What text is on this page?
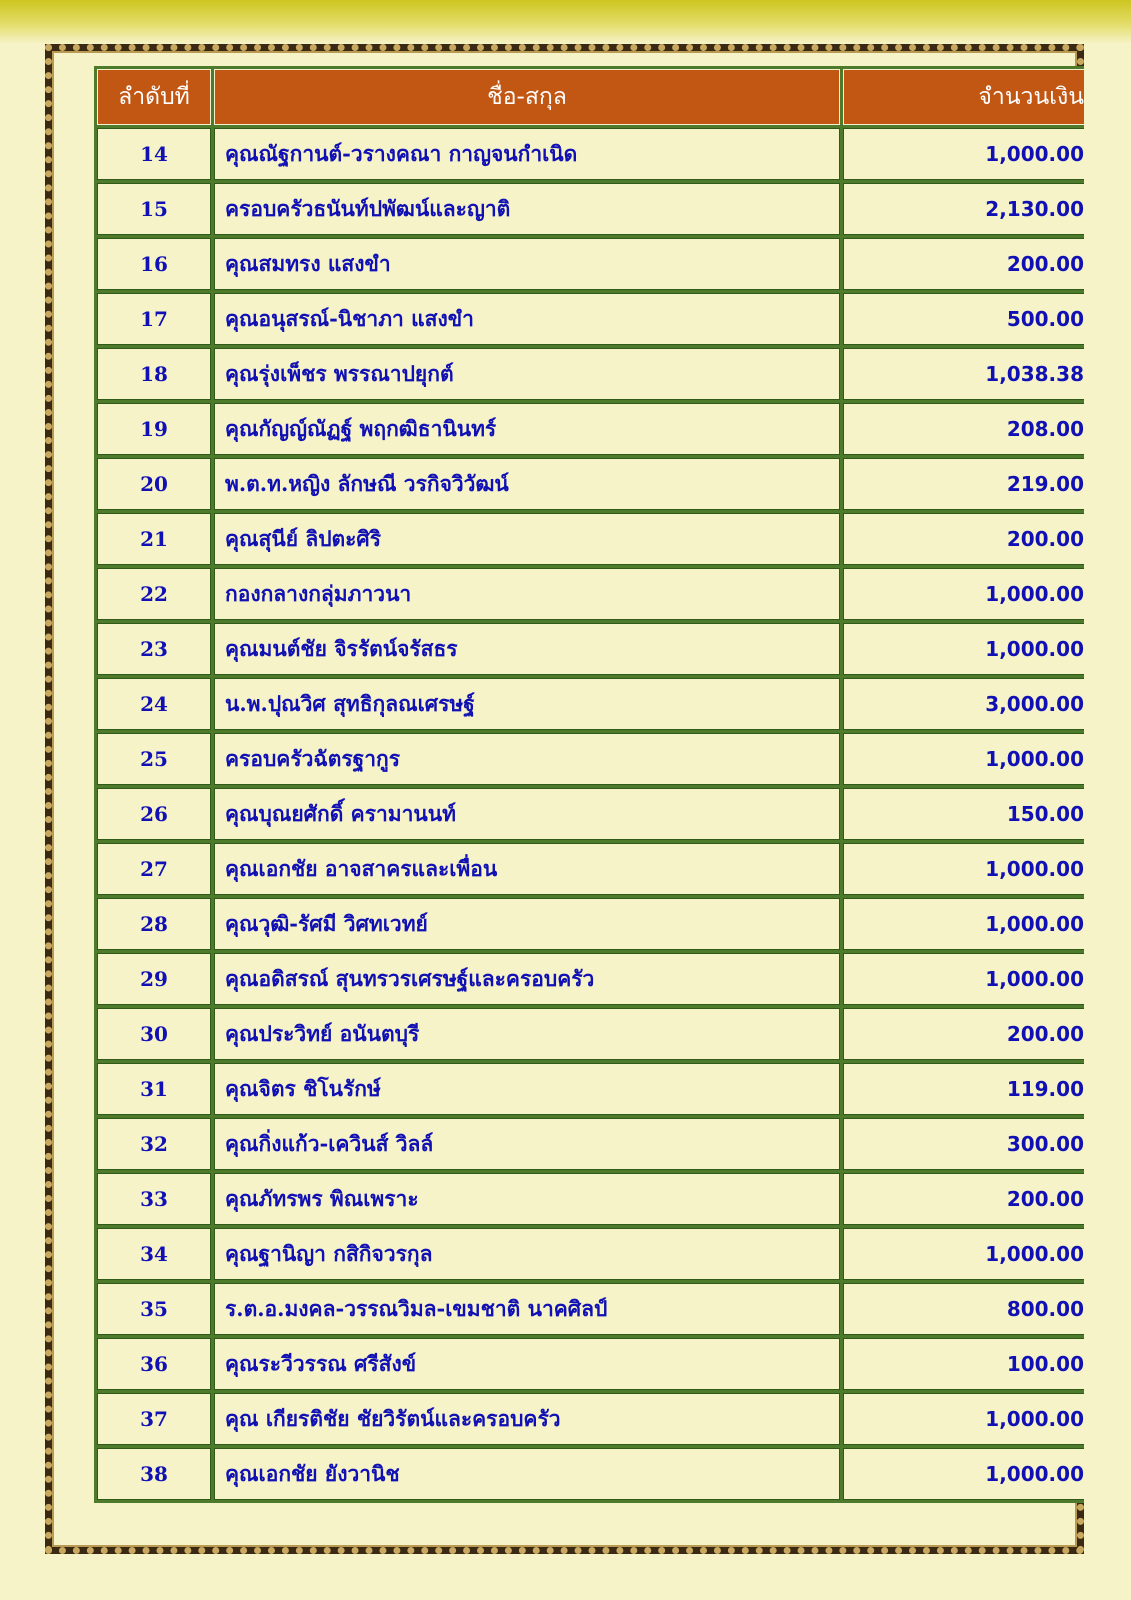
ลำดับที่	ชื่อ-สกุล	จำนวนเงิน
14	คุณณัฐกานต์-วรางคณา กาญจนกำเนิด	1,000.00
15	ครอบครัวธนันท์ปพัฒน์และญาติ	2,130.00
16	คุณสมทรง แสงขำ	200.00
17	คุณอนุสรณ์-นิชาภา แสงขำ	500.00
18	คุณรุ่งเพ็ชร พรรณาปยุกต์	1,038.38
19	คุณกัญญ์ณัฏฐ์ พฤกฒิธานินทร์	208.00
20	พ.ต.ท.หญิง ลักษณี วรกิจวิวัฒน์	219.00
21	คุณสุนีย์ ลิปตะศิริ	200.00
22	กองกลางกลุ่มภาวนา	1,000.00
23	คุณมนต์ชัย จิรรัตน์จรัสธร	1,000.00
24	น.พ.ปุณวิศ สุทธิกุลณเศรษฐ์	3,000.00
25	ครอบครัวฉัตรฐากูร	1,000.00
26	คุณบุณยศักดิ์ ครามานนท์	150.00
27	คุณเอกชัย อาจสาครและเพื่อน	1,000.00
28	คุณวุฒิ-รัศมี วิศทเวทย์	1,000.00
29	คุณอดิสรณ์ สุนทรวรเศรษฐ์และครอบครัว	1,000.00
30	คุณประวิทย์ อนันตบุรี	200.00
31	คุณจิตร ชิโนรักษ์	119.00
32	คุณกิ่งแก้ว-เควินส์ วิลล์	300.00
33	คุณภัทรพร พิณเพราะ	200.00
34	คุณฐานิญา กสิกิจวรกุล	1,000.00
35	ร.ต.อ.มงคล-วรรณวิมล-เขมชาติ นาคศิลป์	800.00
36	คุณระวีวรรณ ศรีสังข์	100.00
37	คุณ เกียรติชัย ชัยวิรัตน์และครอบครัว	1,000.00
38	คุณเอกชัย ยังวานิช	1,000.00
